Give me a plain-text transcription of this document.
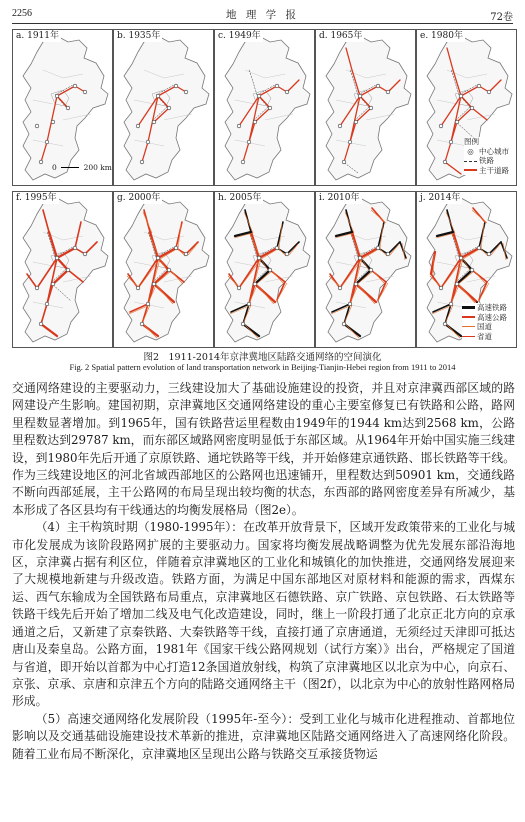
2256	地 理 学 报	72卷
a. 1911年	b. 1935年	c. 1949年	d. 1965年	e. 1980年
f. 1995年	g. 2000年	h. 2005年	i. 2010年	j. 2014年
0	200 km
图例
◎ 中心城市
铁路
主干道路
高速铁路
高速公路
国道
省道
图2　1911-2014年京津冀地区陆路交通网络的空间演化
Fig. 2 Spatial pattern evolution of land transportation network in Beijing-Tianjin-Hebei region from 1911 to 2014

交通网络建设的主要驱动力，三线建设加大了基础设施建设的投资，并且对京津冀西部区域的路网建设产生影响。建国初期，京津冀地区交通网络建设的重心主要室修复已有铁路和公路，路网里程数显著增加。到1965年，国有铁路营运里程数由1949年的1944 km达到2568 km，公路里程数达到29787 km，而东部区域路网密度明显低于东部区域。从1964年开始中国实施三线建设，到1980年先后开通了京原铁路、通坨铁路等干线，并开始修建京通铁路、邯长铁路等干线。作为三线建设地区的河北省域西部地区的公路网也迅速铺开，里程数达到50901 km，交通线路不断向西部延展，主干公路网的布局呈现出较均衡的状态，东西部的路网密度差异有所减少，基本形成了各区县均有干线通达的均衡发展格局（图2e）。

（4）主干构筑时期（1980-1995年）：在改革开放背景下，区域开发政策带来的工业化与城市化发展成为该阶段路网扩展的主要驱动力。国家将均衡发展战略调整为优先发展东部沿海地区，京津冀占据有利区位，伴随着京津冀地区的工业化和城镇化的加快推进，交通网络发展迎来了大规模地新建与升级改造。铁路方面，为满足中国东部地区对原材料和能源的需求，西煤东运、西气东输成为全国铁路布局重点，京津冀地区石德铁路、京广铁路、京包铁路、石太铁路等铁路干线先后开始了增加二线及电气化改造建设，同时，继上一阶段打通了北京正北方向的京承通道之后，又新建了京秦铁路、大秦铁路等干线，直接打通了京唐通道，无须经过天津即可抵达唐山及秦皇岛。公路方面，1981年《国家干线公路网规划（试行方案）》出台，严格规定了国道与省道，即开始以首都为中心打造12条国道放射线，构筑了京津冀地区以北京为中心，向京石、京张、京承、京唐和京津五个方向的陆路交通网络主干（图2f），以北京为中心的放射性路网格局形成。

（5）高速交通网络化发展阶段（1995年-至今）：受到工业化与城市化进程推动、首都地位影响以及交通基础设施建设技术革新的推进，京津冀地区陆路交通网络进入了高速网络化阶段。随着工业布局不断深化，京津冀地区呈现出公路与铁路交互承接货物运
